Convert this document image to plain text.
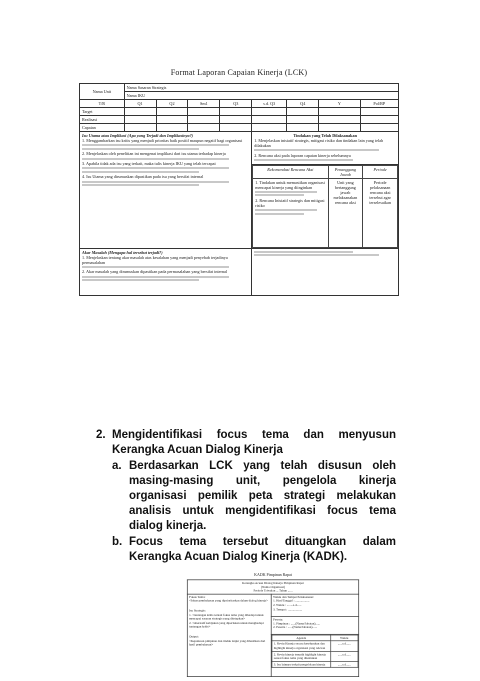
Format Laporan Capaian Kinerja (LCK)
Nama Unit	Nama Sasaran Strategis
Nama IKU
T/R	Q1	Q2	Sm1	Q3	s.d. Q3	Q4	Y	Pol/RP
Target								
Realisasi								
Capaian								

Isu Utama atau Implikasi (Apa yang Terjadi dan Implikasinya?)
1. Menggambarkan isu kritis yang menjadi prioritas baik positif maupun negatif bagi organisasi
2. Menjelaskan oleh penelitian ini mengenai implikasi dari isu utama terhadap kinerja
3. Apabila tidak ada isu yang terkait, maka tulis kinerja IKU yang telah tercapai
4. Isu Utama yang dirumuskan dipastikan pada isu yang bersifat internal

Tindakan yang Telah Dilaksanakan
1. Menjelaskan inisiatif strategis, mitigasi risiko dan tindakan lain yang telah dilakukan
2. Rencana aksi pada laporan capaian kinerja sebelumnya
Rekomendasi Rencana Aksi	Penanggung Jawab	Periode

1. Tindakan untuk memastikan organisasi mencapai kinerja yang diinginkan
2. Rencana Inisiatif strategis dan mitigasi risiko
	Unit yang bertanggung jawab melaksanakan rencana aksi	Periode pelaksanaan rencana aksi tersebut agar terselesaikan

Akar Masalah (Mengapa hal tersebut terjadi?)
1. Menjelaskan tentang akar masalah atas kesalahan yang menjadi penyebab terjadinya permasalahan
2. Akar masalah yang dirumuskan dipastikan pada permasalahan yang bersifat internal

2. Mengidentifikasi focus tema dan menyusun Kerangka Acuan Dialog Kinerja
a. Berdasarkan LCK yang telah disusun oleh masing-masing unit, pengelola kinerja organisasi pemilik peta strategi melakukan analisis untuk mengidentifikasi focus tema dialog kinerja.
b. Focus tema tersebut dituangkan dalam Kerangka Acuan Dialog Kinerja (KADK).
KADK Pimpinan Rapat
Kerangka Acuan Dialog Kinerja Pimpinan Rapat
(Nama Organisasi)
Periode Triwulan ... Tahun ......

Fokus Tema:
<fokus pembahasan yang diprioritaskan dalam dialog kinerja>
Isu Strategis:
1. <tantangan kritis terkait fokus tema yang dihadapi untuk mencapai sasaran strategis yang ditetapkan>
2. <alternatif kebijakan yang diperlukan untuk menghadapi tantangan kritis>
Output:
<Keputusan pimpinan dan tindak lanjut yang dihasilkan dari hasil pembahasan>

Waktu dan Tempat Pelaksanaan:
1. Hari/Tanggal : ..................
2. Waktu : ........s.d......
3. Tempat : ..................

Peserta:
1. Pimpinan : ......(Nama/Jabatan)......
2. Peserta : ......(Nama/Jabatan)......

Agenda	Waktu
1. Reviu Kinerja secara keseluruhan dan highlight kinerja organisasi yang relevan	......s.d......
2. Reviu kinerja tematik highlight kinerja sesuai fokus tema yang ditentukan	......s.d......
3. Isu lainnya terkait pengelolaan kinerja	......s.d......
